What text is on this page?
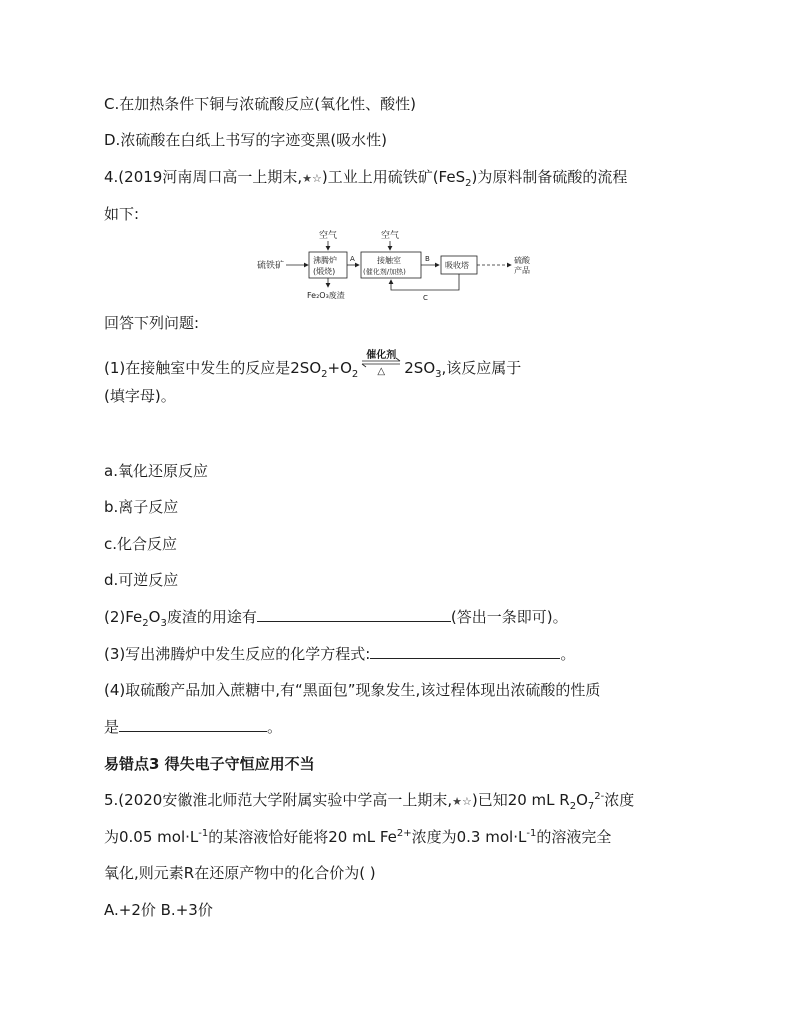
C.在加热条件下铜与浓硫酸反应(氧化性、酸性)
D.浓硫酸在白纸上书写的字迹变黑(吸水性)
4.(2019河南周口高一上期末,★☆)工业上用硫铁矿(FeS$_2$)为原料制备硫酸的流程
如下:
硫铁矿
空气
沸腾炉
(煅烧)
Fe₂O₃废渣
A
空气
接触室
(催化剂/加热)
B
吸收塔
硫酸
产品
C
回答下列问题:
(1)在接触室中发生的反应是$2SO_2+O_2$
催化剂
△	$2SO_3$,该反应属于
(填字母)。
a.氧化还原反应
b.离子反应
c.化合反应
d.可逆反应
$(2)Fe_2O_3$废渣的用途有	(答出一条即可)。
(3)写出沸腾炉中发生反应的化学方程式:	。
(4)取硫酸产品加入蔗糖中,有“黑面包”现象发生,该过程体现出浓硫酸的性质
是	。
易错点3 得失电子守恒应用不当
5.(2020安徽淮北师范大学附属实验中学高一上期末,★☆)已知20 mL $R_2O_7^{2-}$浓度
为0.05 $mol\cdot L^{-1}$的某溶液恰好能将20 mL $Fe^{2+}$浓度为0.3 $mol\cdot L^{-1}$的溶液完全
氧化,则元素R在还原产物中的化合价为( )
A.+2价 B.+3价
